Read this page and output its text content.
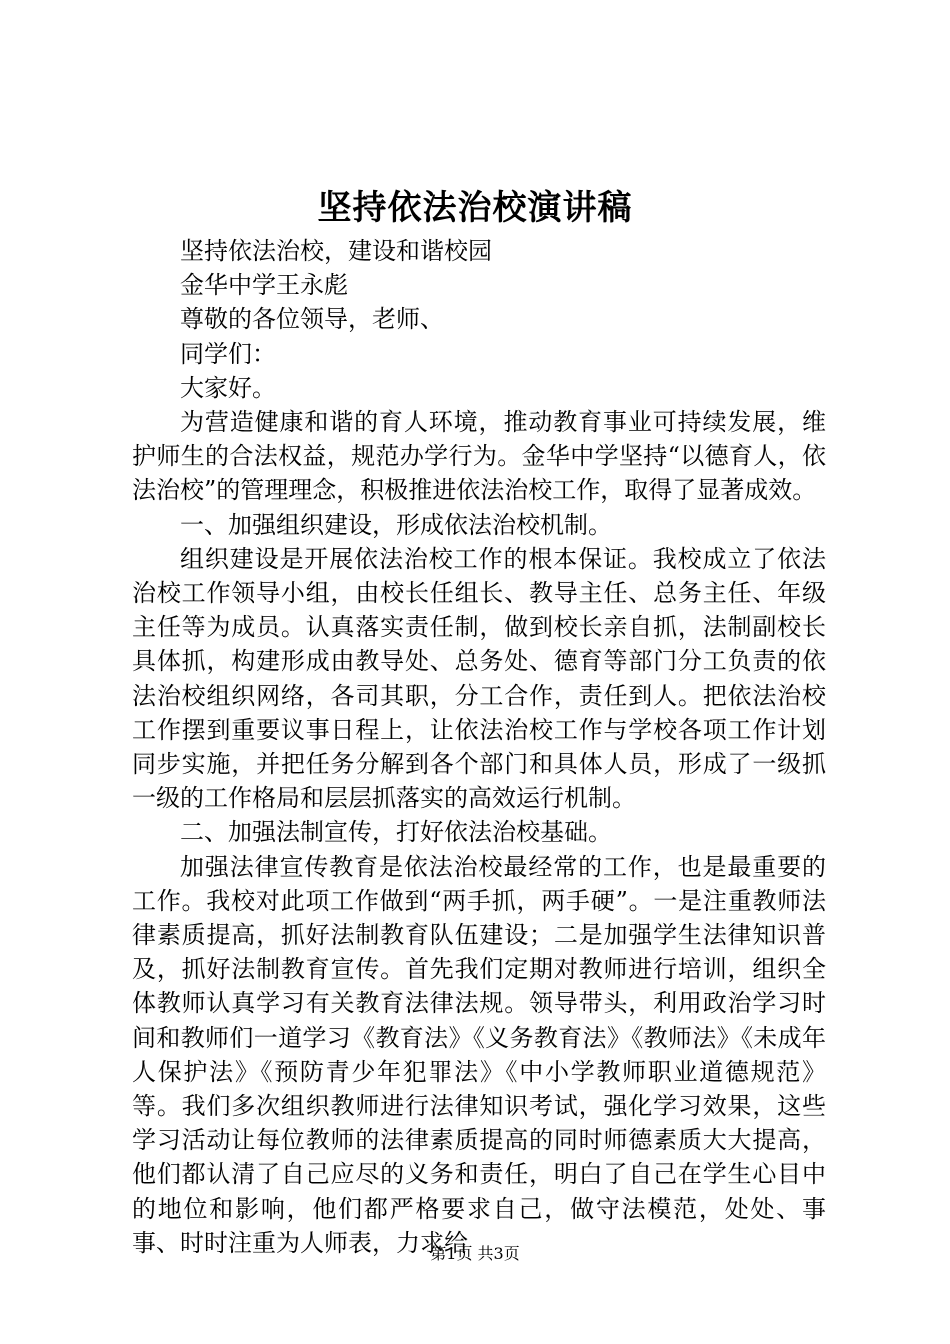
坚持依法治校演讲稿

坚持依法治校，建设和谐校园

金华中学王永彪

尊敬的各位领导，老师、

同学们：

大家好。

为营造健康和谐的育人环境，推动教育事业可持续发展，维护师生的合法权益，规范办学行为。金华中学坚持“以德育人，依法治校”的管理理念，积极推进依法治校工作，取得了显著成效。

一、加强组织建设，形成依法治校机制。

组织建设是开展依法治校工作的根本保证。我校成立了依法治校工作领导小组，由校长任组长、教导主任、总务主任、年级主任等为成员。认真落实责任制，做到校长亲自抓，法制副校长具体抓，构建形成由教导处、总务处、德育等部门分工负责的依法治校组织网络，各司其职，分工合作，责任到人。把依法治校工作摆到重要议事日程上，让依法治校工作与学校各项工作计划同步实施，并把任务分解到各个部门和具体人员，形成了一级抓一级的工作格局和层层抓落实的高效运行机制。

二、加强法制宣传，打好依法治校基础。

加强法律宣传教育是依法治校最经常的工作，也是最重要的工作。我校对此项工作做到“两手抓，两手硬”。一是注重教师法律素质提高，抓好法制教育队伍建设；二是加强学生法律知识普及，抓好法制教育宣传。首先我们定期对教师进行培训，组织全体教师认真学习有关教育法律法规。领导带头，利用政治学习时间和教师们一道学习《教育法》《义务教育法》《教师法》《未成年人保护法》《预防青少年犯罪法》《中小学教师职业道德规范》等。我们多次组织教师进行法律知识考试，强化学习效果，这些学习活动让每位教师的法律素质提高的同时师德素质大大提高，他们都认清了自己应尽的义务和责任，明白了自己在学生心目中的地位和影响，他们都严格要求自己，做守法模范，处处、事事、时时注重为人师表，力求给

第1页 共3页
